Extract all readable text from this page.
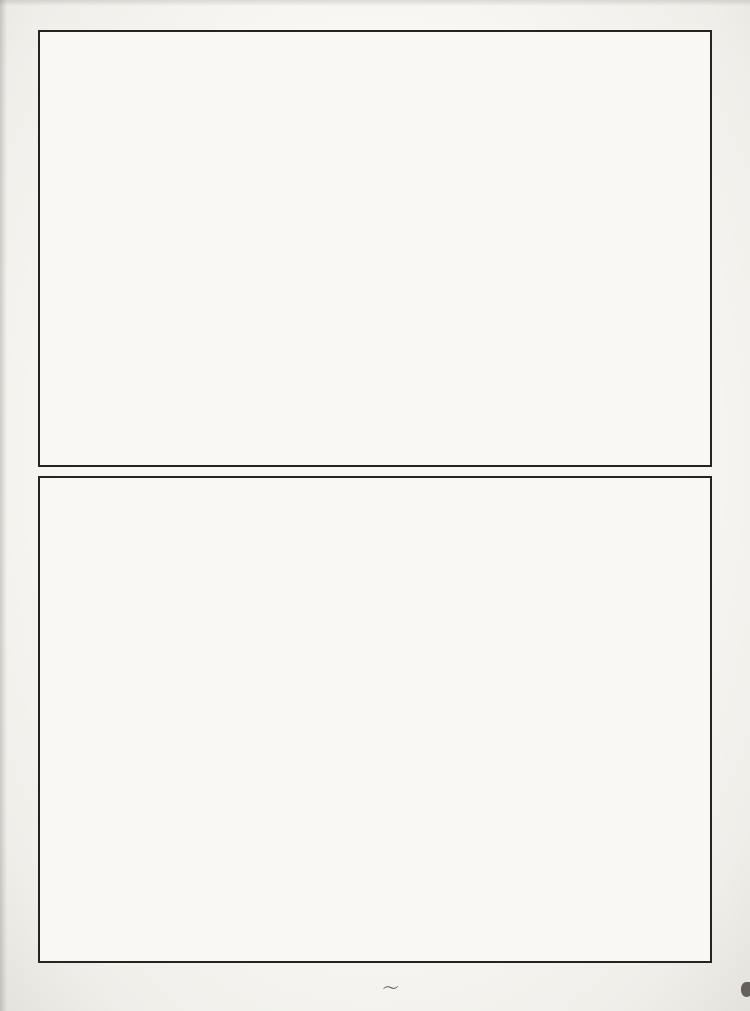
〜
